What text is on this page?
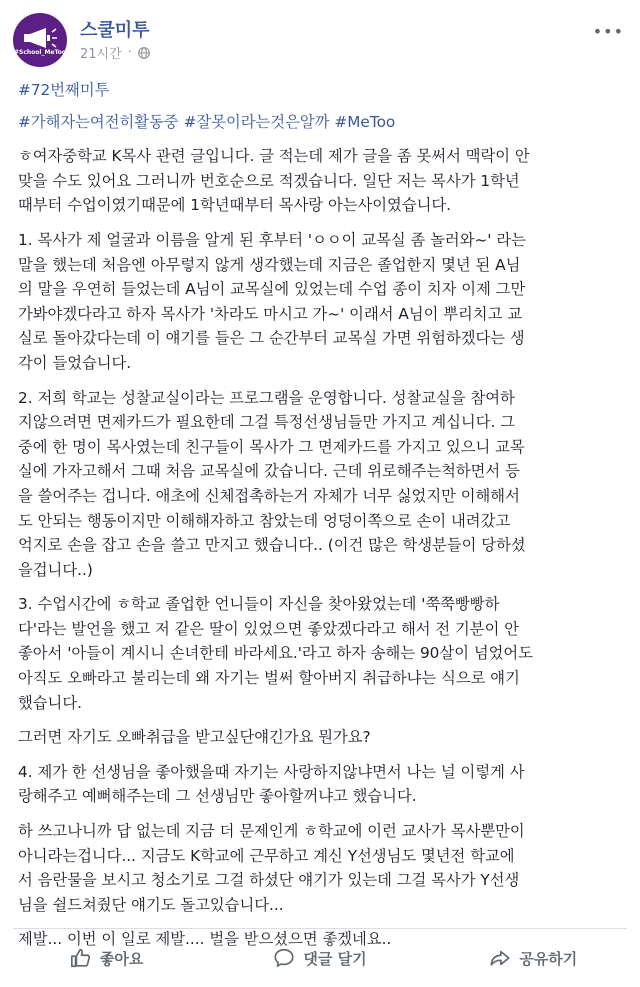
#School_MeToo
스쿨미투
21시간 ·
•••
#72번째미투
#가해자는여전히활동중 #잘못이라는것은알까 #MeToo
ㅎ여자중학교 K목사 관련 글입니다. 글 적는데 제가 글을 좀 못써서 맥락이 안
맞을 수도 있어요 그러니까 번호순으로 적겠습니다. 일단 저는 목사가 1학년
때부터 수업이였기때문에 1학년때부터 목사랑 아는사이였습니다.
1. 목사가 제 얼굴과 이름을 알게 된 후부터 'ㅇㅇ이 교목실 좀 놀러와~' 라는
말을 했는데 처음엔 아무렇지 않게 생각했는데 지금은 졸업한지 몇년 된 A님
의 말을 우연히 들었는데 A님이 교목실에 있었는데 수업 종이 치자 이제 그만
가봐야겠다라고 하자 목사가 '차라도 마시고 가~' 이래서 A님이 뿌리치고 교
실로 돌아갔다는데 이 얘기를 들은 그 순간부터 교목실 가면 위험하겠다는 생
각이 들었습니다.
2. 저희 학교는 성찰교실이라는 프로그램을 운영합니다. 성찰교실을 참여하
지않으려면 면제카드가 필요한데 그걸 특정선생님들만 가지고 계십니다. 그
중에 한 명이 목사였는데 친구들이 목사가 그 면제카드를 가지고 있으니 교목
실에 가자고해서 그때 처음 교목실에 갔습니다. 근데 위로해주는척하면서 등
을 쓸어주는 겁니다. 애초에 신체접촉하는거 자체가 너무 싫었지만 이해해서
도 안되는 행동이지만 이해해자하고 참았는데 엉덩이쪽으로 손이 내려갔고
억지로 손을 잡고 손을 쓸고 만지고 했습니다.. (이건 많은 학생분들이 당하셨
을겁니다..)
3. 수업시간에 ㅎ학교 졸업한 언니들이 자신을 찾아왔었는데 '쭉쭉빵빵하
다'라는 발언을 했고 저 같은 딸이 있었으면 좋았겠다라고 해서 전 기분이 안
좋아서 '아들이 계시니 손녀한테 바라세요.'라고 하자 송해는 90살이 넘었어도
아직도 오빠라고 불리는데 왜 자기는 벌써 할아버지 취급하냐는 식으로 얘기
했습니다.
그러면 자기도 오빠취급을 받고싶단얘긴가요 뭔가요?
4. 제가 한 선생님을 좋아했을때 자기는 사랑하지않냐면서 나는 널 이렇게 사
랑해주고 예뻐해주는데 그 선생님만 좋아할꺼냐고 했습니다.
하 쓰고나니까 답 없는데 지금 더 문제인게 ㅎ학교에 이런 교사가 목사뿐만이
아니라는겁니다... 지금도 K학교에 근무하고 계신 Y선생님도 몇년전 학교에
서 음란물을 보시고 청소기로 그걸 하셨단 얘기가 있는데 그걸 목사가 Y선생
님을 쉴드쳐줬단 얘기도 돌고있습니다...
제발... 이번 이 일로 제발.... 벌을 받으셨으면 좋겠네요..
좋아요	댓글 달기	공유하기
